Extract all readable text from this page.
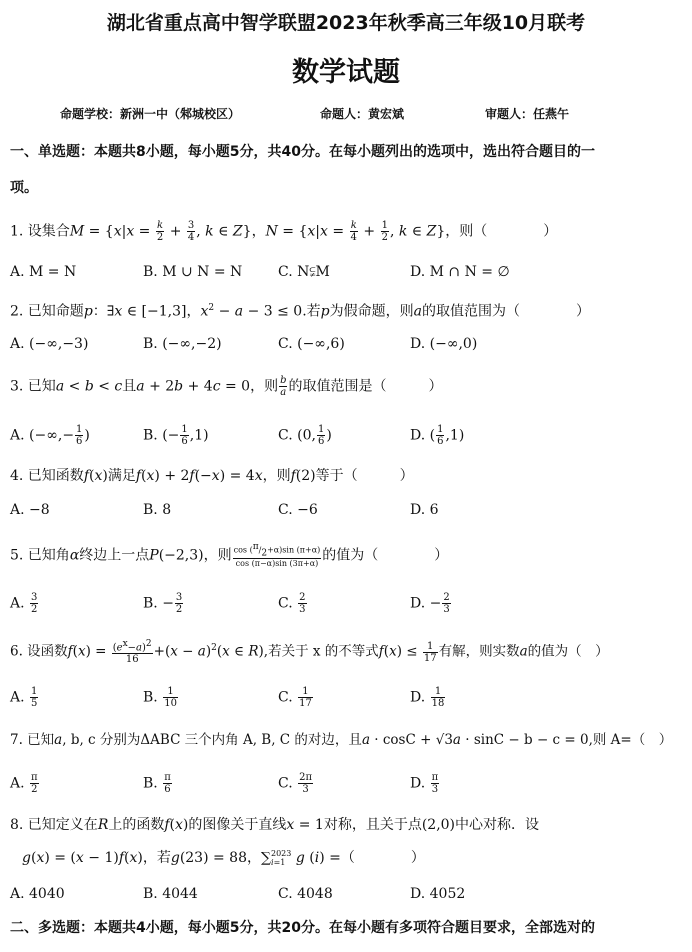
湖北省重点高中智学联盟2023年秋季高三年级10月联考
数学试题
命题学校：新洲一中（邾城校区）	命题人：黄宏斌	审题人：任燕午
一、单选题：本题共8小题，每小题5分，共40分。在每小题列出的选项中，选出符合题目的一
项。
1. 设集合$M = \{x|x = \frac{k}{2} + \frac{3}{4}$ , k ∈ Z}，$N = \{x|x = \frac{k}{4} + \frac{1}{2}$ , k ∈ Z}，则（　　　　）
A. M = N	B. M ∪ N = N	C. N⫋M	D. M ∩ N = ∅
2. 已知命题p：∃x ∈ [−1,3]，$x^2 - a - 3 \le 0$.若p为假命题，则a的取值范围为（　　　　）
A. (−∞,−3)	B. (−∞,−2)	C. (−∞,6)	D. (−∞,0)
3. 已知a < b < c且a + 2b + 4c = 0，则 $\frac{b}{a}$ 的取值范围是（　　　）
A. (−∞,− $\frac{1}{6}$ )	B. (− $\frac{1}{6} ,1$)	C. (0, $\frac{1}{6}$ )	D. ( $\frac{1}{6} ,1$)
4. 已知函数f(x)满足f(x) + 2f(−x) = 4x，则f(2)等于（　　　）
A. −8	B. 8	C. −6	D. 6
5. 已知角α终边上一点P(−2,3)，则 $\frac{\cos (^\pi/_2+\alpha)\sin (\pi+\alpha)}{\cos (\pi-\alpha)\sin (3\pi+\alpha)}$ 的值为（　　　　）
A. $\frac{3}{2}$	B. − $\frac{3}{2}$	C. $\frac{2}{3}$	D. − $\frac{2}{3}$
6. 设函数$f(x) = \frac{(e^x-a)^2}{16} +(x - a)^2(x$ ∈ R),若关于 x 的不等式$f(x) \le \frac{1}{17}$ 有解，则实数a的值为（　）
A. $\frac{1}{5}$	B. $\frac{1}{10}$	C. $\frac{1}{17}$	D. $\frac{1}{18}$
7. 已知a, b, c 分别为ΔABC 三个内角 A, B, C 的对边，且a · cosC + √3a · sinC − b − c = 0,则 A=（　）
A. $\frac{\pi}{2}$	B. $\frac{\pi}{6}$	C. $\frac{2\pi}{3}$	D. $\frac{\pi}{3}$
8. 已知定义在R上的函数f(x)的图像关于直线x = 1对称，且关于点(2,0)中心对称．设
g(x) = (x − 1)f(x)，若g(23) = 88，∑ 2023
i=1 g (i) =（　　　　）
A. 4040	B. 4044	C. 4048	D. 4052
二、多选题：本题共4小题，每小题5分，共20分。在每小题有多项符合题目要求，全部选对的
